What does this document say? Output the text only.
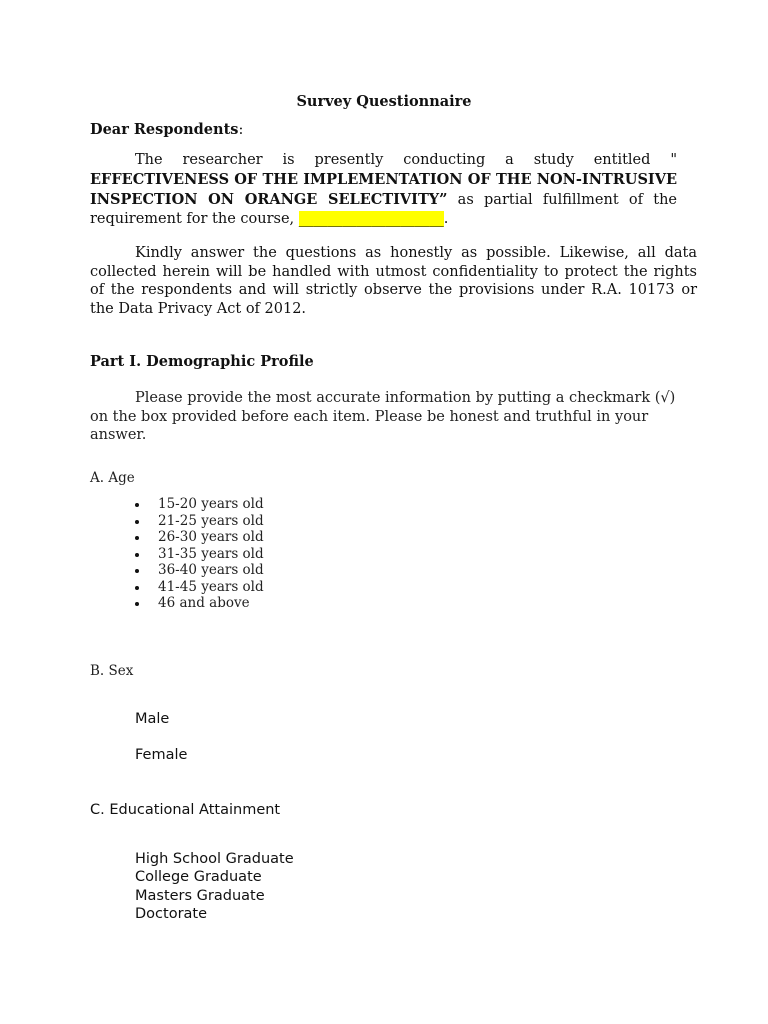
Survey Questionnaire
Dear Respondents:
The researcher is presently conducting a study entitled " EFFECTIVENESS OF THE IMPLEMENTATION OF THE NON-INTRUSIVE INSPECTION ON ORANGE SELECTIVITY” as partial fulfillment of the requirement for the course, ____________________.
Kindly answer the questions as honestly as possible. Likewise, all data collected herein will be handled with utmost confidentiality to protect the rights of the respondents and will strictly observe the provisions under R.A. 10173 or the Data Privacy Act of 2012.
Part I. Demographic Profile
Please provide the most accurate information by putting a checkmark (√) on the box provided before each item. Please be honest and truthful in your answer.
A. Age
15-20 years old
21-25 years old
26-30 years old
31-35 years old
36-40 years old
41-45 years old
46 and above
B. Sex
Male
Female
C. Educational Attainment
High School Graduate
College Graduate
Masters Graduate
Doctorate
